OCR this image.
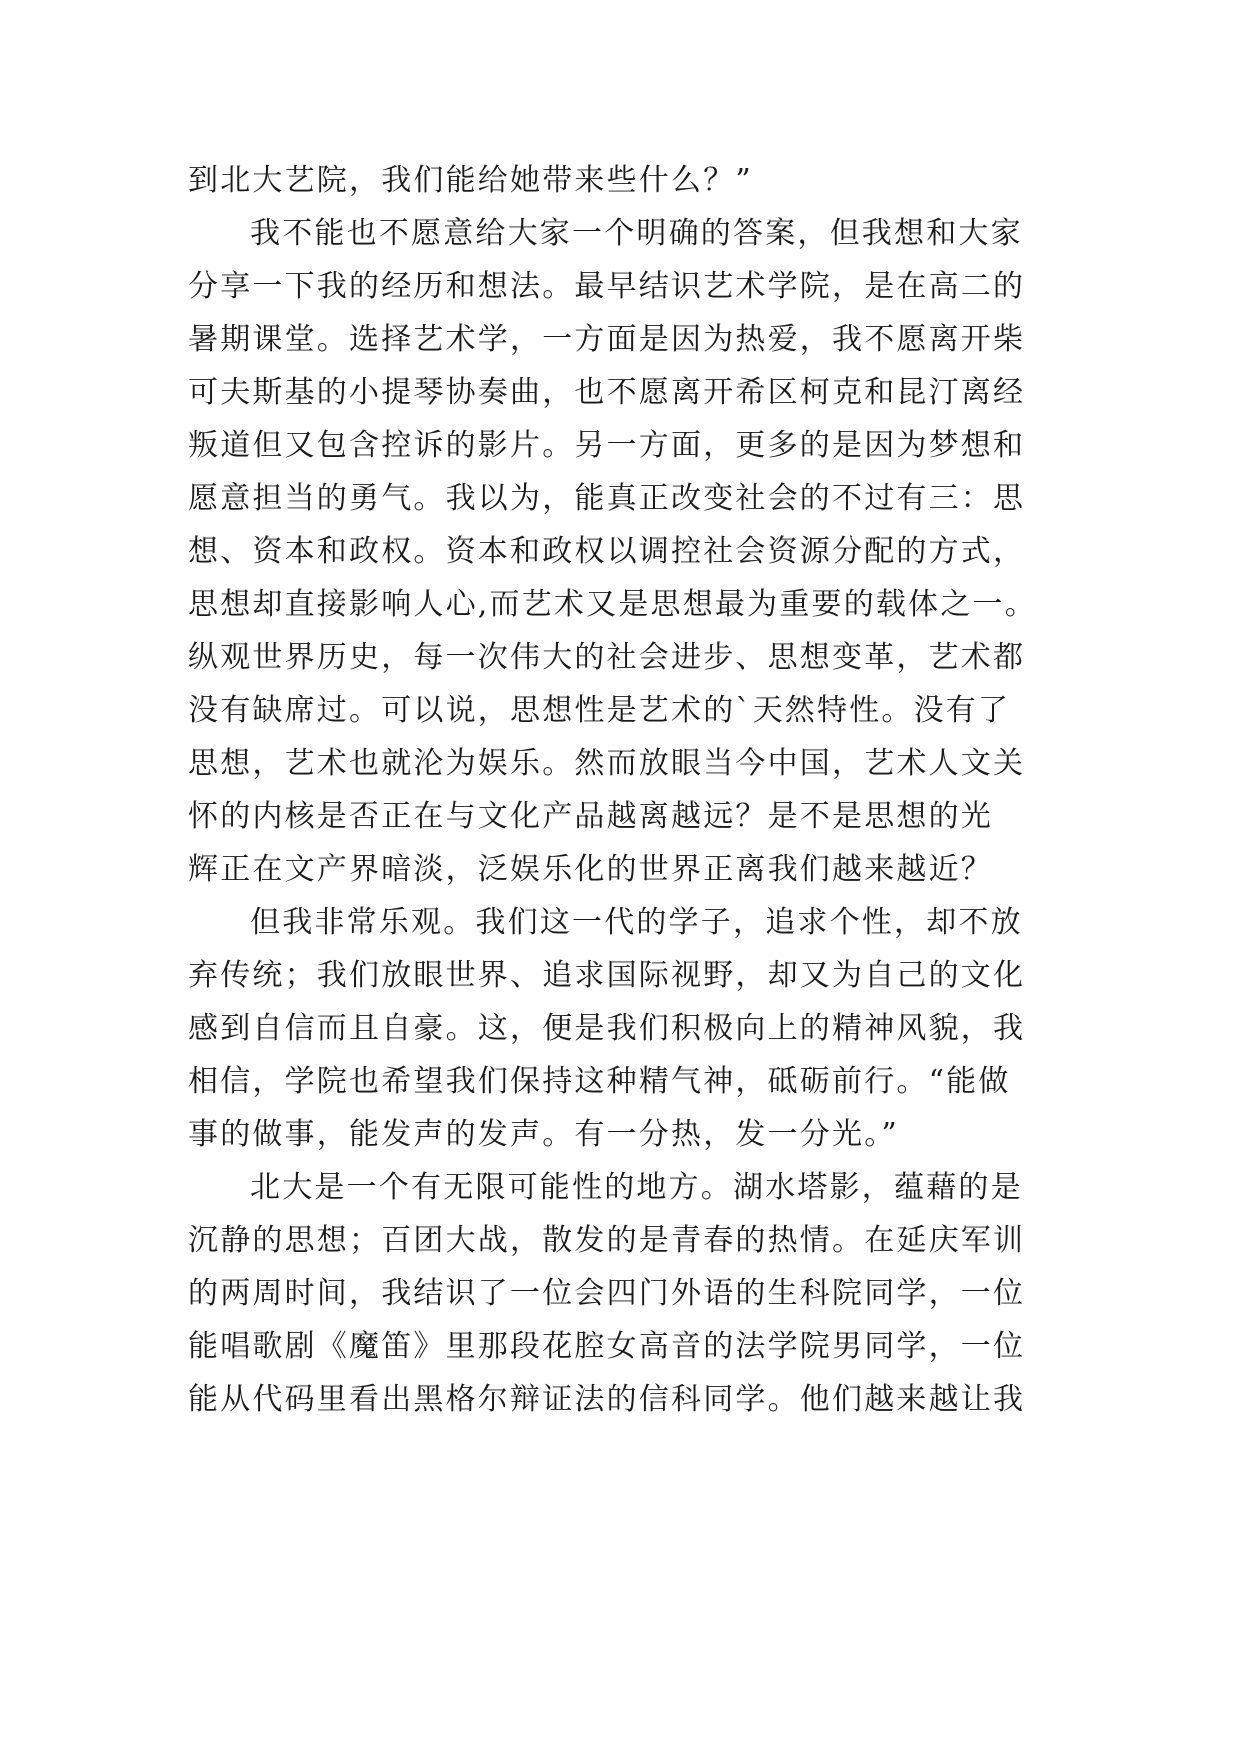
到北大艺院，我们能给她带来些什么？”
我不能也不愿意给大家一个明确的答案，但我想和大家
分享一下我的经历和想法。最早结识艺术学院，是在高二的
暑期课堂。选择艺术学，一方面是因为热爱，我不愿离开柴
可夫斯基的小提琴协奏曲，也不愿离开希区柯克和昆汀离经
叛道但又包含控诉的影片。另一方面，更多的是因为梦想和
愿意担当的勇气。我以为，能真正改变社会的不过有三：思
想、资本和政权。资本和政权以调控社会资源分配的方式，
思想却直接影响人心,而艺术又是思想最为重要的载体之一。
纵观世界历史，每一次伟大的社会进步、思想变革，艺术都
没有缺席过。可以说，思想性是艺术的`天然特性。没有了
思想，艺术也就沦为娱乐。然而放眼当今中国，艺术人文关
怀的内核是否正在与文化产品越离越远？是不是思想的光
辉正在文产界暗淡，泛娱乐化的世界正离我们越来越近？
但我非常乐观。我们这一代的学子，追求个性，却不放
弃传统；我们放眼世界、追求国际视野，却又为自己的文化
感到自信而且自豪。这，便是我们积极向上的精神风貌，我
相信，学院也希望我们保持这种精气神，砥砺前行。“能做
事的做事，能发声的发声。有一分热，发一分光。”
北大是一个有无限可能性的地方。湖水塔影，蕴藉的是
沉静的思想；百团大战，散发的是青春的热情。在延庆军训
的两周时间，我结识了一位会四门外语的生科院同学，一位
能唱歌剧《魔笛》里那段花腔女高音的法学院男同学，一位
能从代码里看出黑格尔辩证法的信科同学。他们越来越让我
